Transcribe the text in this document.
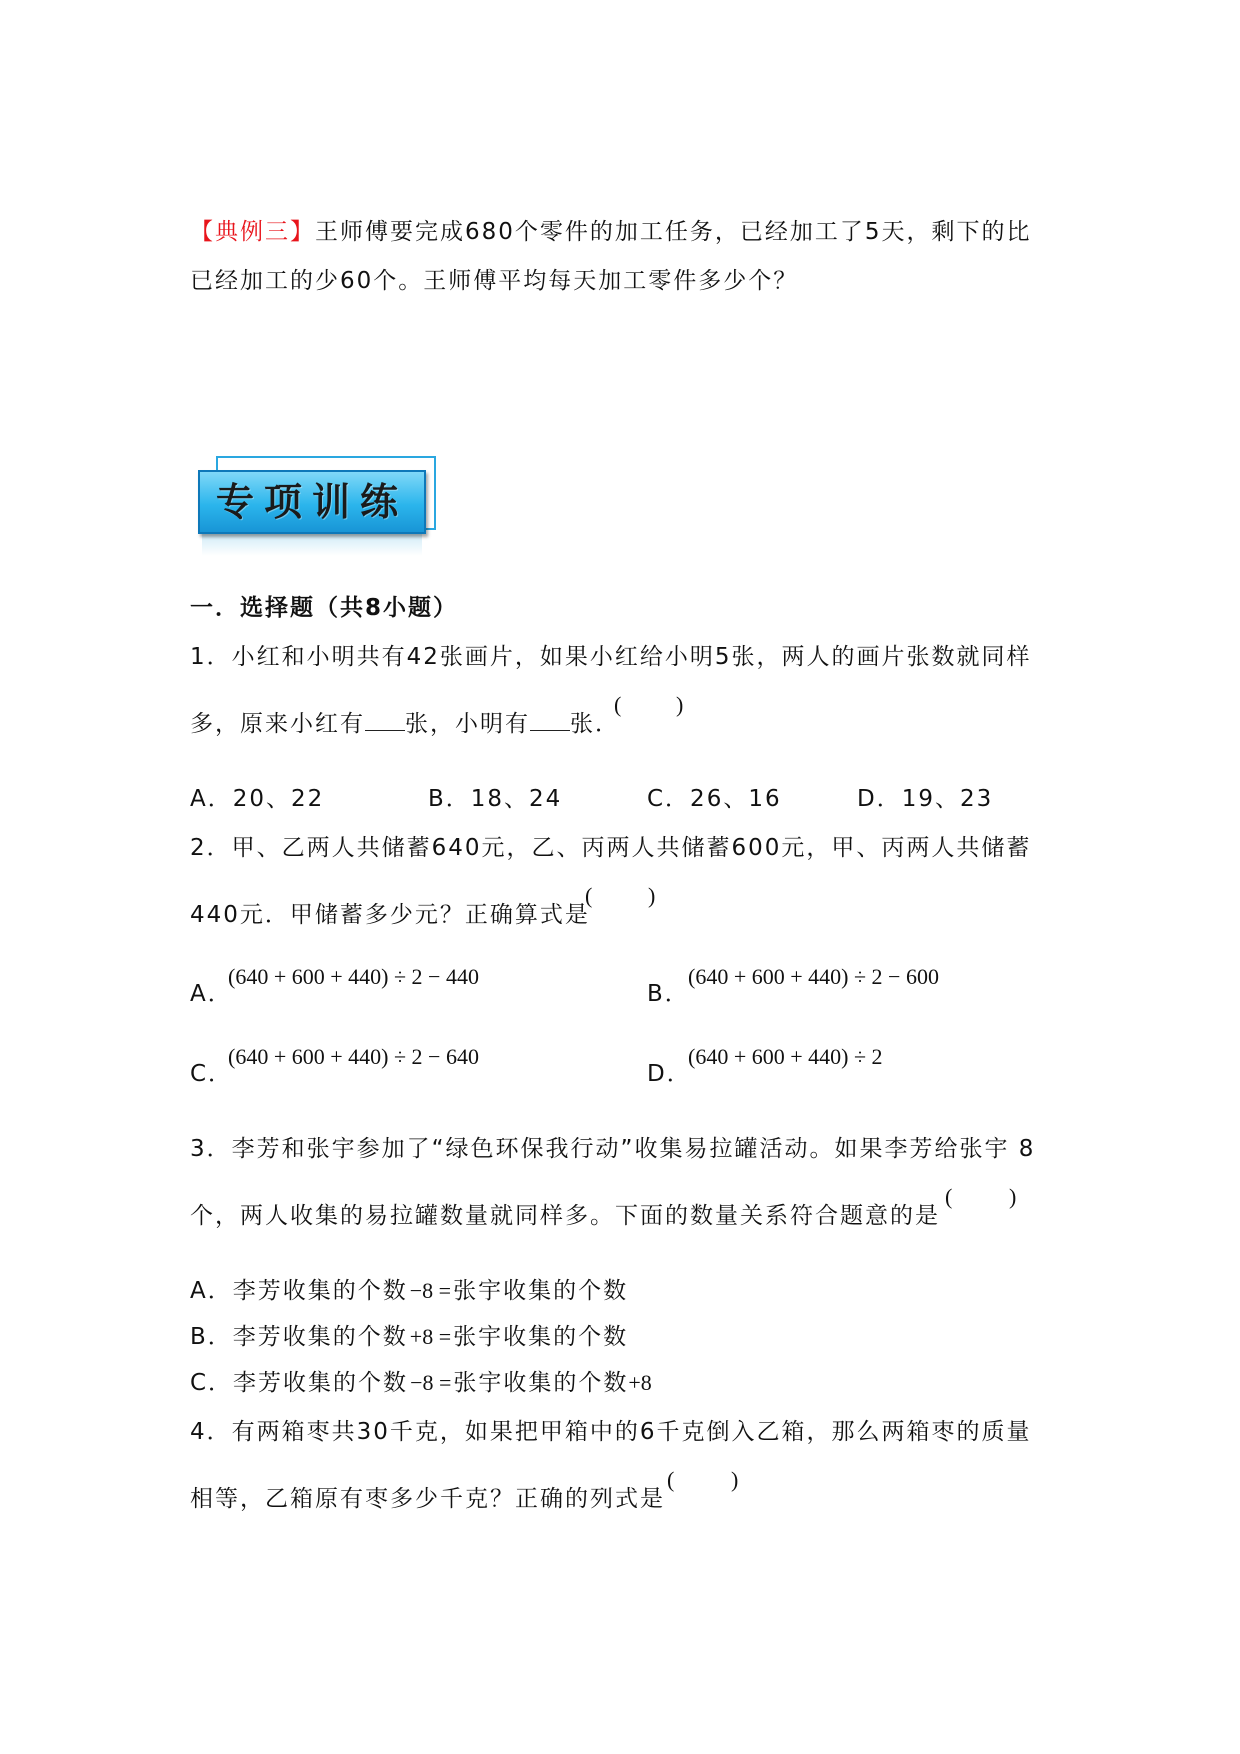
【典例三】王师傅要完成680个零件的加工任务，已经加工了5天，剩下的比
已经加工的少60个。王师傅平均每天加工零件多少个？
专项训练
一．选择题（共8小题）
1．小红和小明共有42张画片，如果小红给小明5张，两人的画片张数就同样
多，原来小红有 张，小明有 张．
( )
A．20、22	B．18、24	C．26、16	D．19、23
2．甲、乙两人共储蓄640元，乙、丙两人共储蓄600元，甲、丙两人共储蓄
440元．甲储蓄多少元？正确算式是
(	)
A．
(640 + 600 + 440) ÷ 2 − 440
B．
(640 + 600 + 440) ÷ 2 − 600
C．
(640 + 600 + 440) ÷ 2 − 640
D．
(640 + 600 + 440) ÷ 2
3．李芳和张宇参加了“绿色环保我行动”收集易拉罐活动。如果李芳给张宇 8
个，两人收集的易拉罐数量就同样多。下面的数量关系符合题意的是
(	)
A．李芳收集的个数−8 =张宇收集的个数
B．李芳收集的个数+8 =张宇收集的个数
C．李芳收集的个数−8 =张宇收集的个数+8
4．有两箱枣共30千克，如果把甲箱中的6千克倒入乙箱，那么两箱枣的质量
相等，乙箱原有枣多少千克？正确的列式是
(	)
